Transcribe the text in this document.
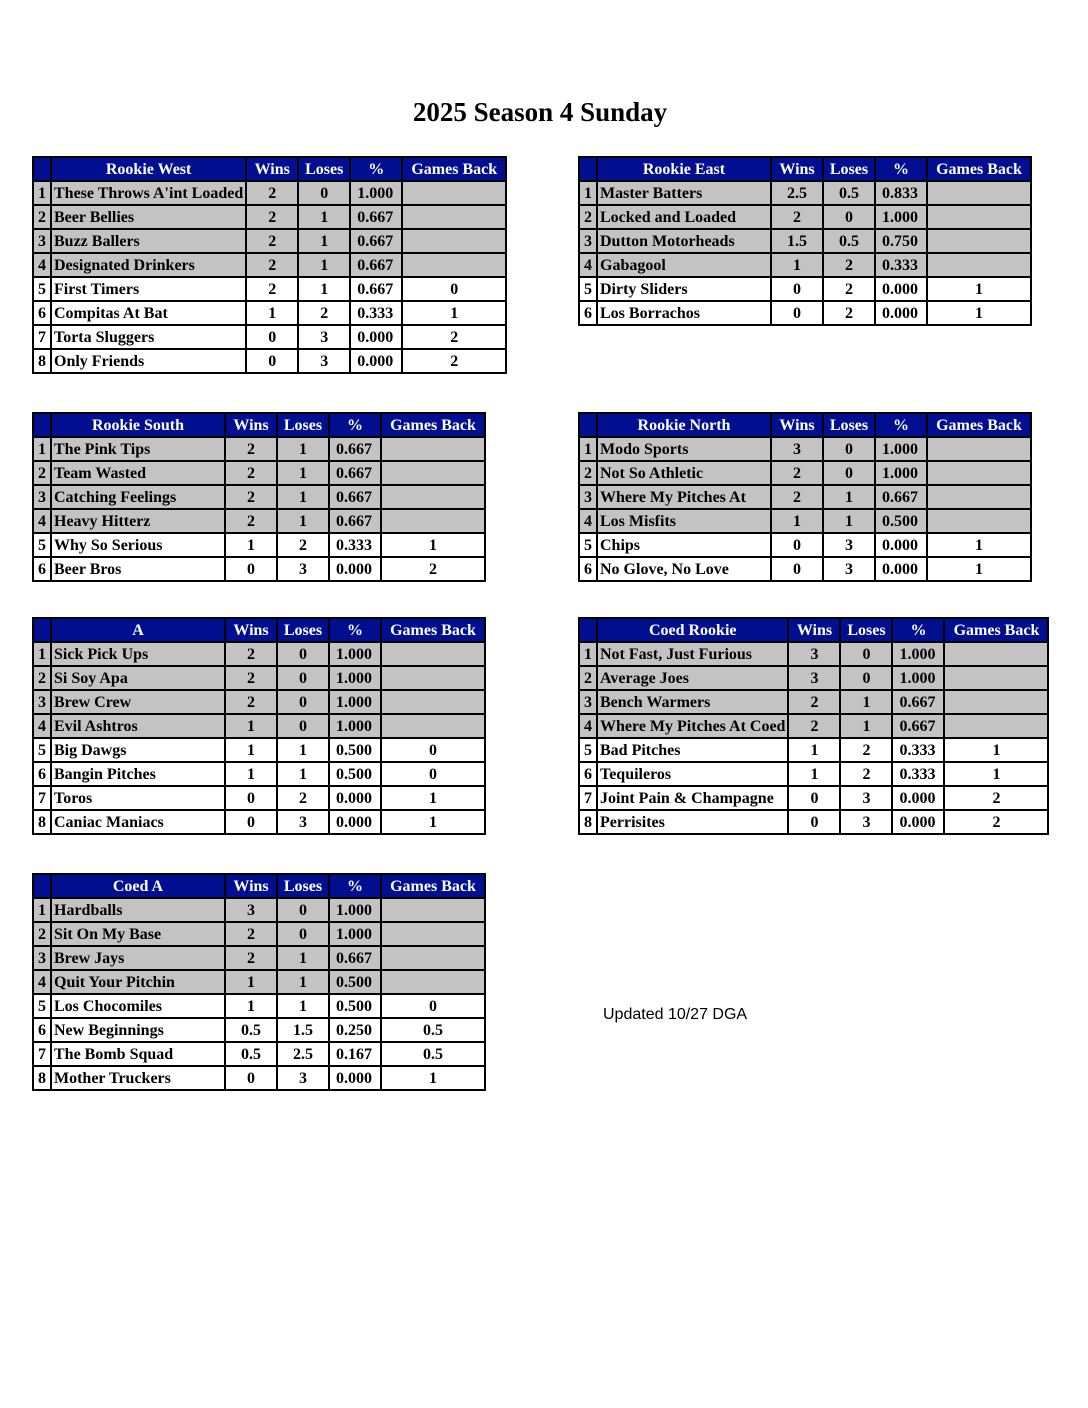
2025 Season 4 Sunday
	Rookie West	Wins	Loses	%	Games Back
1	These Throws A'int Loaded	2	0	1.000	
2	Beer Bellies	2	1	0.667	
3	Buzz Ballers	2	1	0.667	
4	Designated Drinkers	2	1	0.667	
5	First Timers	2	1	0.667	0
6	Compitas At Bat	1	2	0.333	1
7	Torta Sluggers	0	3	0.000	2
8	Only Friends	0	3	0.000	2
	Rookie East	Wins	Loses	%	Games Back
1	Master Batters	2.5	0.5	0.833	
2	Locked and Loaded	2	0	1.000	
3	Dutton Motorheads	1.5	0.5	0.750	
4	Gabagool	1	2	0.333	
5	Dirty Sliders	0	2	0.000	1
6	Los Borrachos	0	2	0.000	1
	Rookie South	Wins	Loses	%	Games Back
1	The Pink Tips	2	1	0.667	
2	Team Wasted	2	1	0.667	
3	Catching Feelings	2	1	0.667	
4	Heavy Hitterz	2	1	0.667	
5	Why So Serious	1	2	0.333	1
6	Beer Bros	0	3	0.000	2
	Rookie North	Wins	Loses	%	Games Back
1	Modo Sports	3	0	1.000	
2	Not So Athletic	2	0	1.000	
3	Where My Pitches At	2	1	0.667	
4	Los Misfits	1	1	0.500	
5	Chips	0	3	0.000	1
6	No Glove, No Love	0	3	0.000	1
	A	Wins	Loses	%	Games Back
1	Sick Pick Ups	2	0	1.000	
2	Si Soy Apa	2	0	1.000	
3	Brew Crew	2	0	1.000	
4	Evil Ashtros	1	0	1.000	
5	Big Dawgs	1	1	0.500	0
6	Bangin Pitches	1	1	0.500	0
7	Toros	0	2	0.000	1
8	Caniac Maniacs	0	3	0.000	1
	Coed Rookie	Wins	Loses	%	Games Back
1	Not Fast, Just Furious	3	0	1.000	
2	Average Joes	3	0	1.000	
3	Bench Warmers	2	1	0.667	
4	Where My Pitches At Coed	2	1	0.667	
5	Bad Pitches	1	2	0.333	1
6	Tequileros	1	2	0.333	1
7	Joint Pain & Champagne	0	3	0.000	2
8	Perrisites	0	3	0.000	2
	Coed A	Wins	Loses	%	Games Back
1	Hardballs	3	0	1.000	
2	Sit On My Base	2	0	1.000	
3	Brew Jays	2	1	0.667	
4	Quit Your Pitchin	1	1	0.500	
5	Los Chocomiles	1	1	0.500	0
6	New Beginnings	0.5	1.5	0.250	0.5
7	The Bomb Squad	0.5	2.5	0.167	0.5
8	Mother Truckers	0	3	0.000	1
Updated 10/27 DGA
